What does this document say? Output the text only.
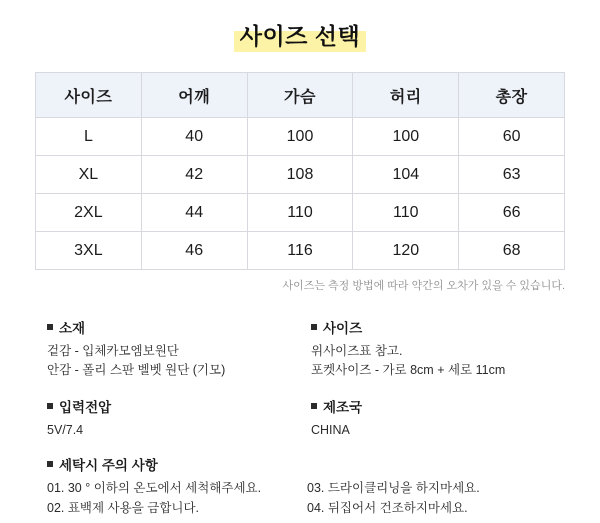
사이즈 선택
사이즈	어깨	가슴	허리	총장
L	40	100	100	60
XL	42	108	104	63
2XL	44	110	110	66
3XL	46	116	120	68
사이즈는 측정 방법에 따라 약간의 오차가 있을 수 있습니다.
소재
겉감 - 입체카모엠보원단
안감 - 폴리 스판 벨벳 원단 (기모)
입력전압
5V/7.4
사이즈
위사이즈표 참고.
포켓사이즈 - 가로 8cm + 세로 11cm
제조국
CHINA
세탁시 주의 사항
01. 30 ° 이하의 온도에서 세척해주세요.
02. 표백제 사용을 금합니다.
03. 드라이클리닝을 하지마세요.
04. 뒤집어서 건조하지마세요.
